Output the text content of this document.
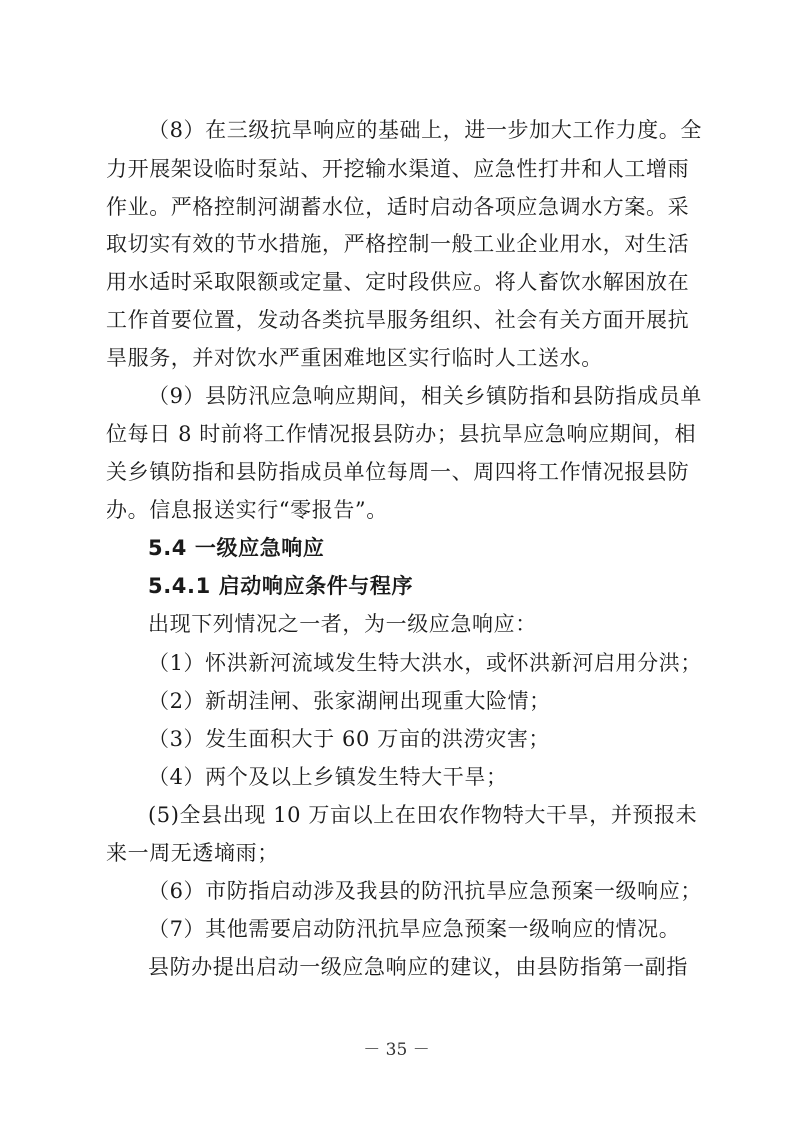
（8）在三级抗旱响应的基础上，进一步加大工作力度。全
力开展架设临时泵站、开挖输水渠道、应急性打井和人工增雨
作业。严格控制河湖蓄水位，适时启动各项应急调水方案。采
取切实有效的节水措施，严格控制一般工业企业用水，对生活
用水适时采取限额或定量、定时段供应。将人畜饮水解困放在
工作首要位置，发动各类抗旱服务组织、社会有关方面开展抗
旱服务，并对饮水严重困难地区实行临时人工送水。
（9）县防汛应急响应期间，相关乡镇防指和县防指成员单
位每日 8 时前将工作情况报县防办；县抗旱应急响应期间，相
关乡镇防指和县防指成员单位每周一、周四将工作情况报县防
办。信息报送实行“零报告”。
5.4 一级应急响应
5.4.1 启动响应条件与程序
出现下列情况之一者，为一级应急响应：
（1）怀洪新河流域发生特大洪水，或怀洪新河启用分洪；
（2）新胡洼闸、张家湖闸出现重大险情；
（3）发生面积大于 60 万亩的洪涝灾害；
（4）两个及以上乡镇发生特大干旱；
(5)全县出现 10 万亩以上在田农作物特大干旱，并预报未
来一周无透墒雨；
（6）市防指启动涉及我县的防汛抗旱应急预案一级响应；
（7）其他需要启动防汛抗旱应急预案一级响应的情况。
县防办提出启动一级应急响应的建议，由县防指第一副指
－ 35 －
